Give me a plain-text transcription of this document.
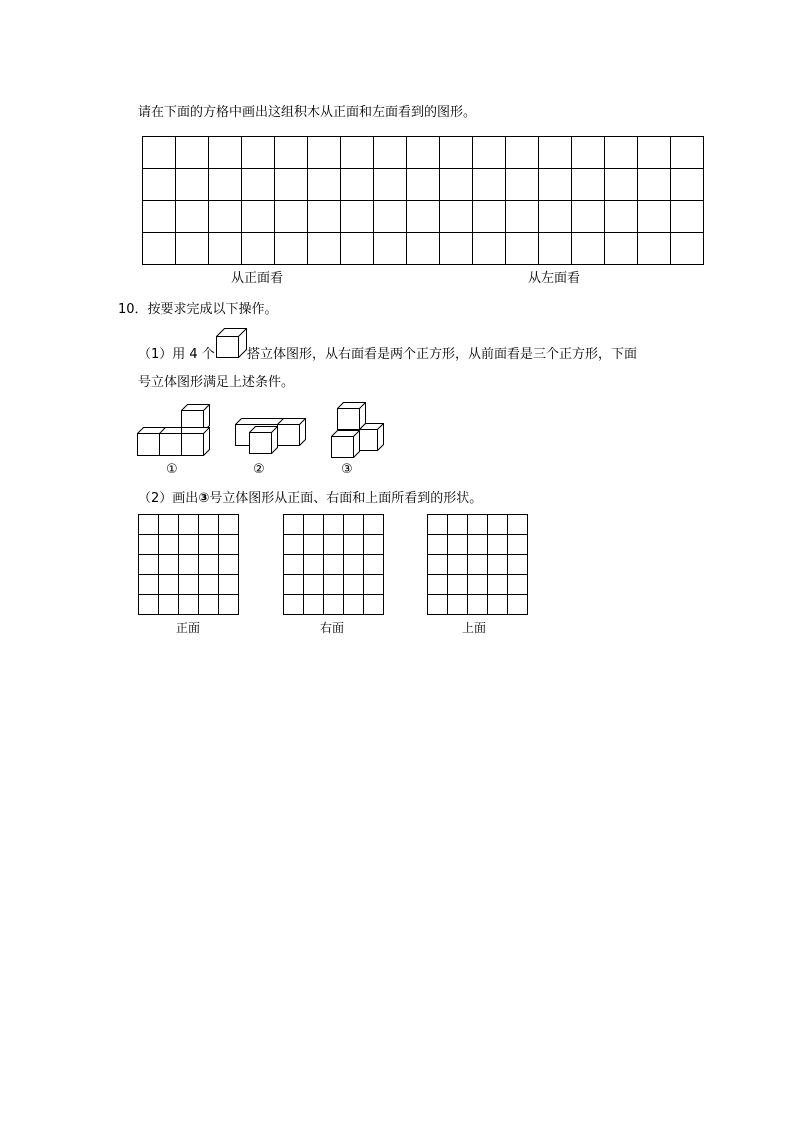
请在下面的方格中画出这组积木从正面和左面看到的图形。

从正面看	从左面看
10．按要求完成以下操作。
（1）用 4 个 搭立体图形，从右面看是两个正方形，从前面看是三个正方形，下面
号立体图形满足上述条件。
①	②	③
（2）画出③号立体图形从正面、右面和上面所看到的形状。

正面	右面	上面
